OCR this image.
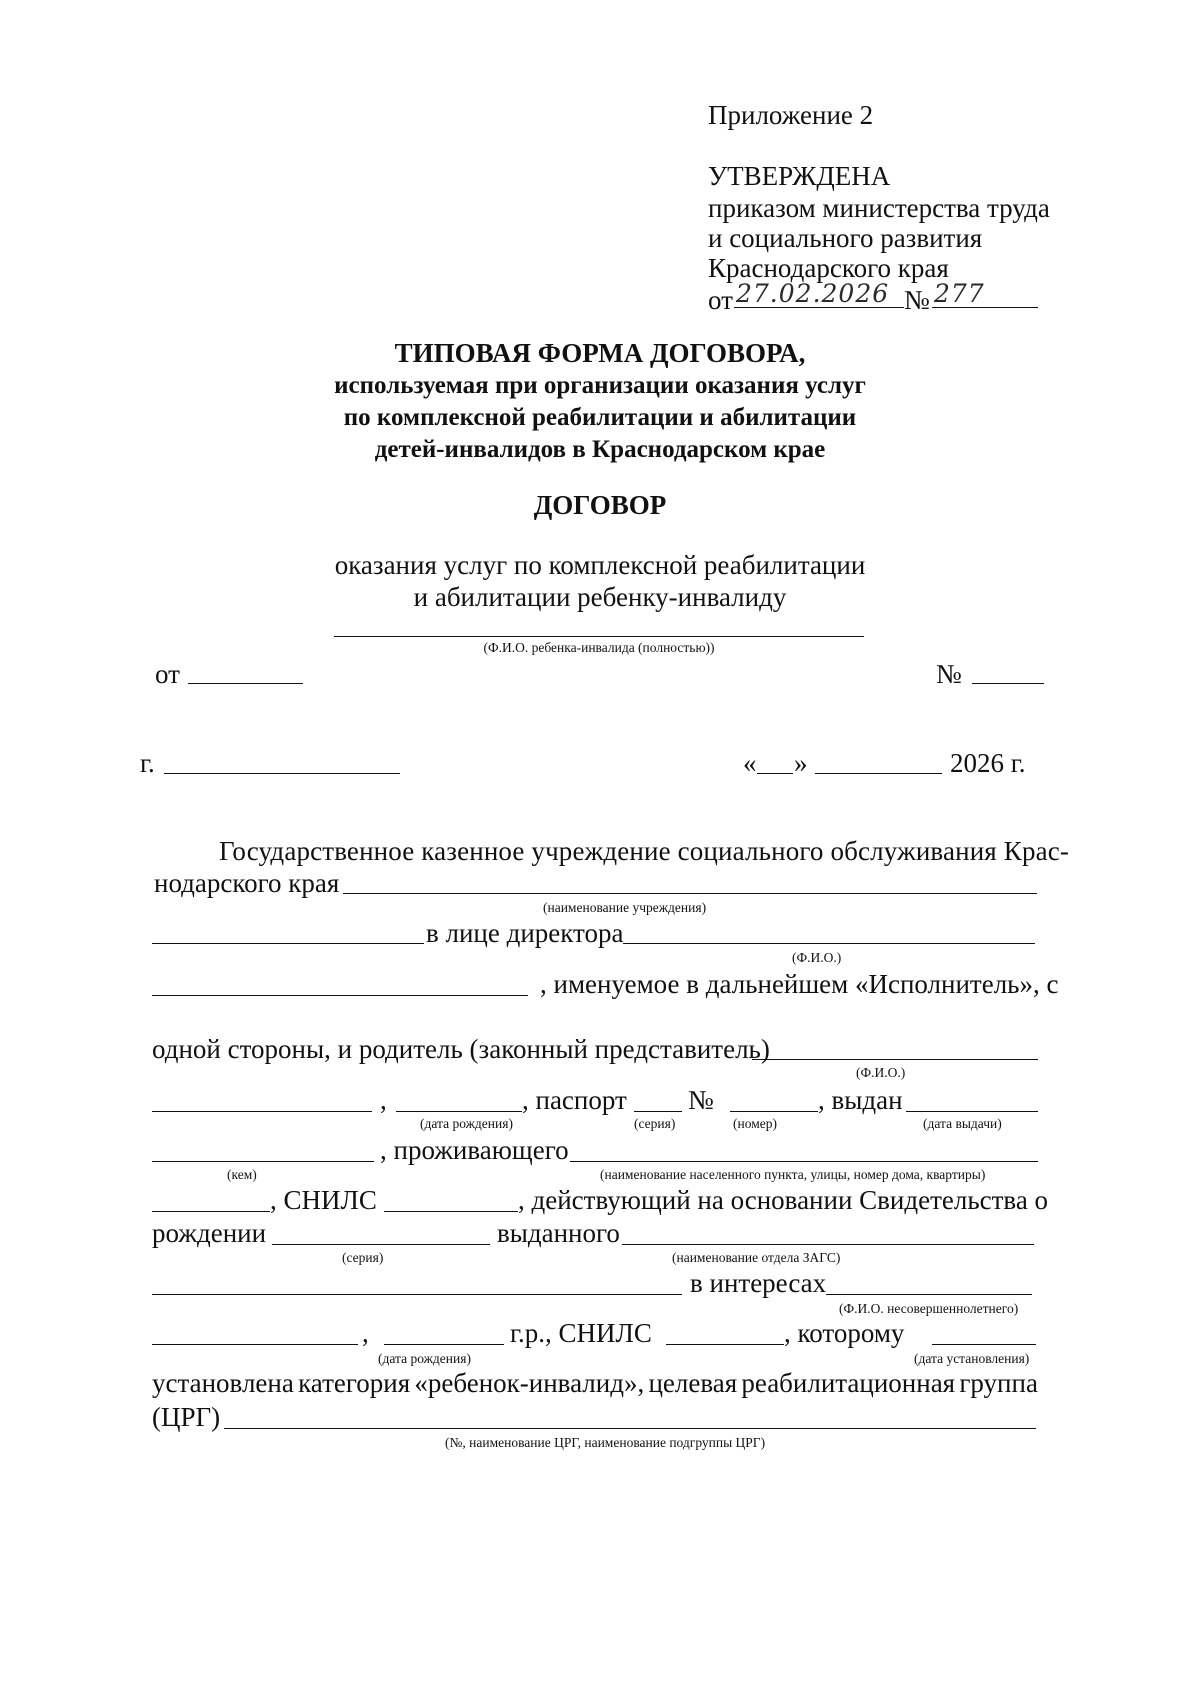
Приложение 2
УТВЕРЖДЕНА
приказом министерства труда
и социального развития
Краснодарского края
от 27.02.2026 № 277
ТИПОВАЯ ФОРМА ДОГОВОРА,
используемая при организации оказания услуг
по комплексной реабилитации и абилитации
детей-инвалидов в Краснодарском крае
ДОГОВОР
оказания услуг по комплексной реабилитации
и абилитации ребенку-инвалиду
(Ф.И.О. ребенка-инвалида (полностью))
от	№
г.	« »	2026 г.
Государственное казенное учреждение социального обслуживания Крас-
нодарского края
(наименование учреждения)
в лице директора
(Ф.И.О.)
, именуемое в дальнейшем «Исполнитель», с
одной стороны, и родитель (законный представитель)
(Ф.И.О.)
,	, паспорт №	, выдан
(дата рождения)	(серия)	(номер)	(дата выдачи)
, проживающего
(кем)	(наименование населенного пункта, улицы, номер дома, квартиры)
, СНИЛС	, действующий на основании Свидетельства о
рождении	выданного
(серия)	(наименование отдела ЗАГС)
в интересах
(Ф.И.О. несовершеннолетнего)
,	г.р., СНИЛС	, которому
(дата рождения)	(дата установления)
установлена категория «ребенок-инвалид», целевая реабилитационная группа
(ЦРГ)
(№, наименование ЦРГ, наименование подгруппы ЦРГ)
